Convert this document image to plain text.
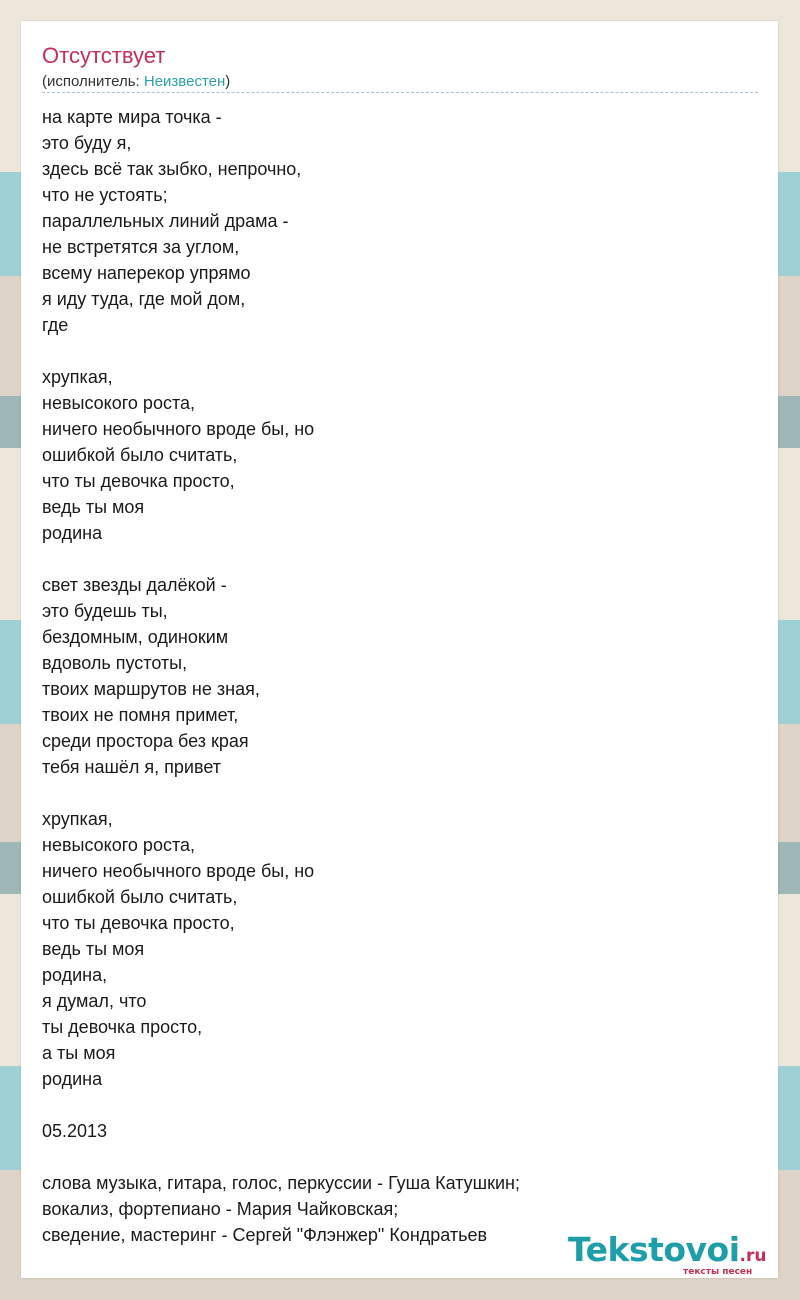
Отсутствует
(исполнитель: Неизвестен)
на карте мира точка -
это буду я,
здесь всё так зыбко, непрочно,
что не устоять;
параллельных линий драма -
не встретятся за углом,
всему наперекор упрямо
я иду туда, где мой дом,
где

хрупкая,
невысокого роста,
ничего необычного вроде бы, но
ошибкой было считать,
что ты девочка просто,
ведь ты моя
родина

свет звезды далёкой -
это будешь ты,
бездомным, одиноким
вдоволь пустоты,
твоих маршрутов не зная,
твоих не помня примет,
среди простора без края
тебя нашёл я, привет

хрупкая,
невысокого роста,
ничего необычного вроде бы, но
ошибкой было считать,
что ты девочка просто,
ведь ты моя
родина,
я думал, что
ты девочка просто,
а ты моя
родина

05.2013

слова музыка, гитара, голос, перкуссии - Гуша Катушкин;
вокализ, фортепиано - Мария Чайковская;
сведение, мастеринг - Сергей "Флэнжер" Кондратьев	Tekstovoi.ru
тексты песен
